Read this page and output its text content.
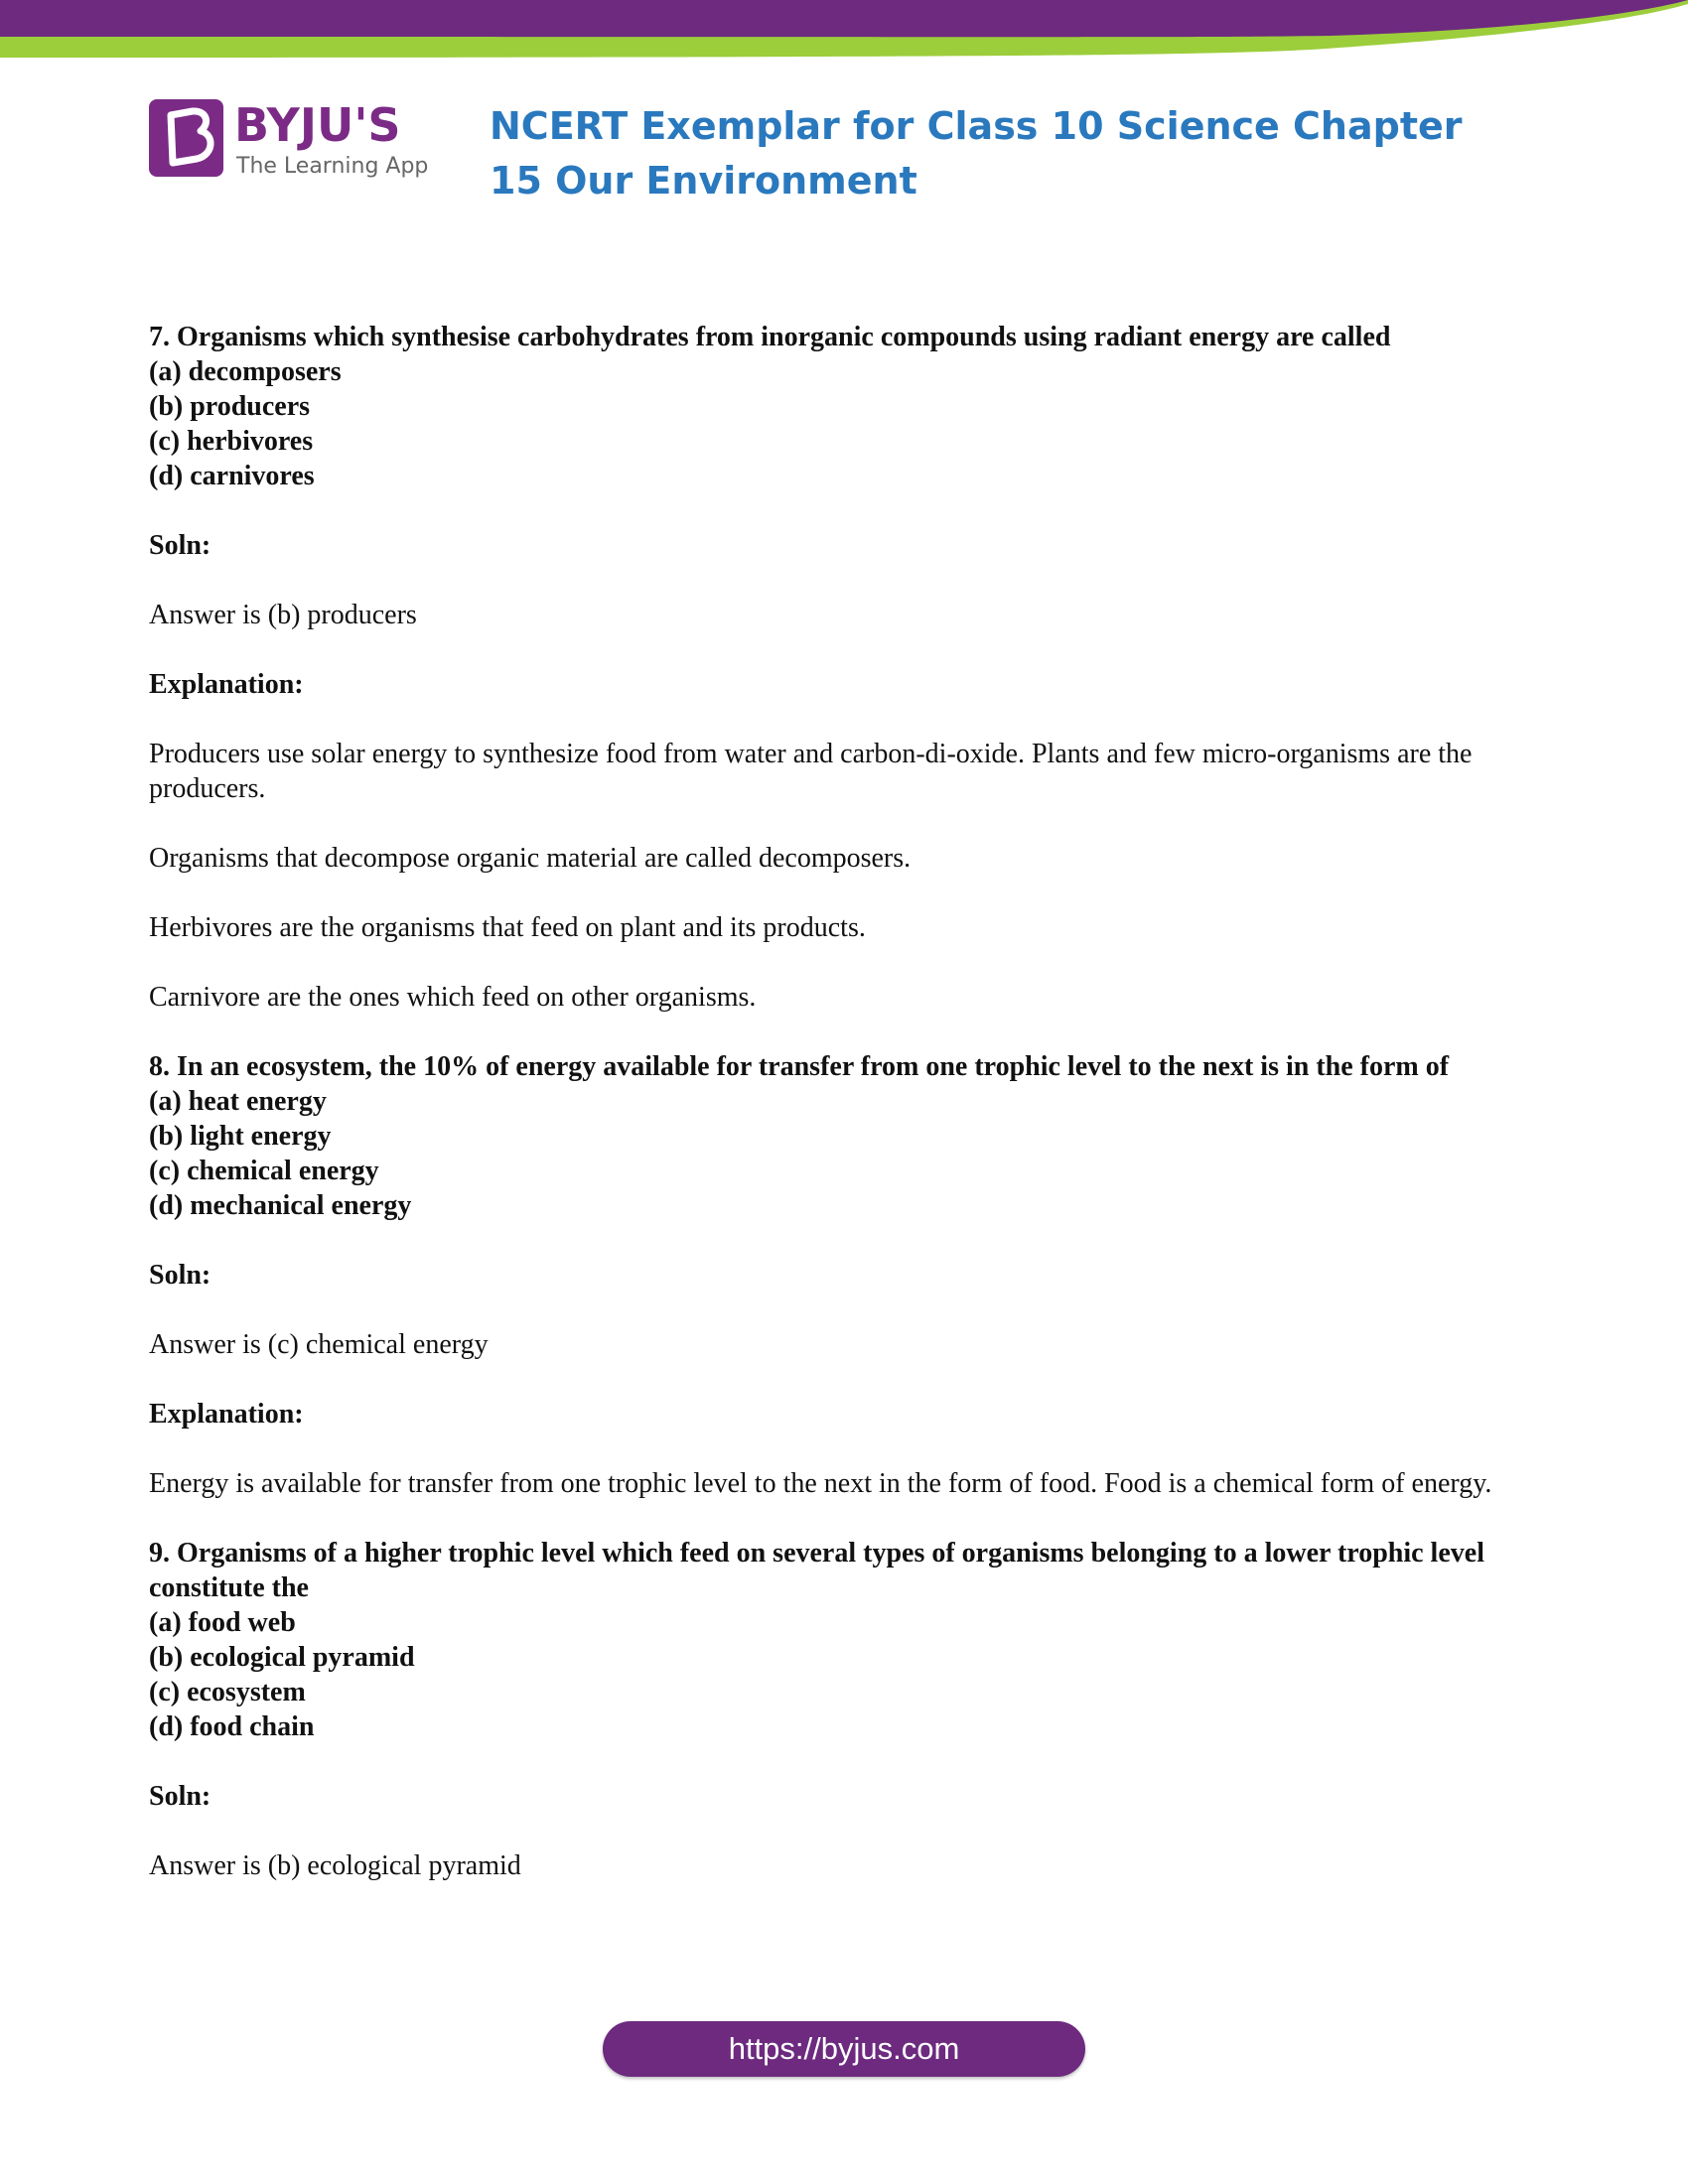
BYJU'S
The Learning App
NCERT Exemplar for Class 10 Science Chapter 15 Our Environment

7. Organisms which synthesise carbohydrates from inorganic compounds using radiant energy are called

(a) decomposers

(b) producers

(c) herbivores

(d) carnivores

Soln:

Answer is (b) producers

Explanation:

Producers use solar energy to synthesize food from water and carbon-di-oxide. Plants and few micro-organisms are the producers.

Organisms that decompose organic material are called decomposers.

Herbivores are the organisms that feed on plant and its products.

Carnivore are the ones which feed on other organisms.

8. In an ecosystem, the 10% of energy available for transfer from one trophic level to the next is in the form of

(a) heat energy

(b) light energy

(c) chemical energy

(d) mechanical energy

Soln:

Answer is (c) chemical energy

Explanation:

Energy is available for transfer from one trophic level to the next in the form of food. Food is a chemical form of energy.

9. Organisms of a higher trophic level which feed on several types of organisms belonging to a lower trophic level constitute the

(a) food web

(b) ecological pyramid

(c) ecosystem

(d) food chain

Soln:

Answer is (b) ecological pyramid

https://byjus.com
